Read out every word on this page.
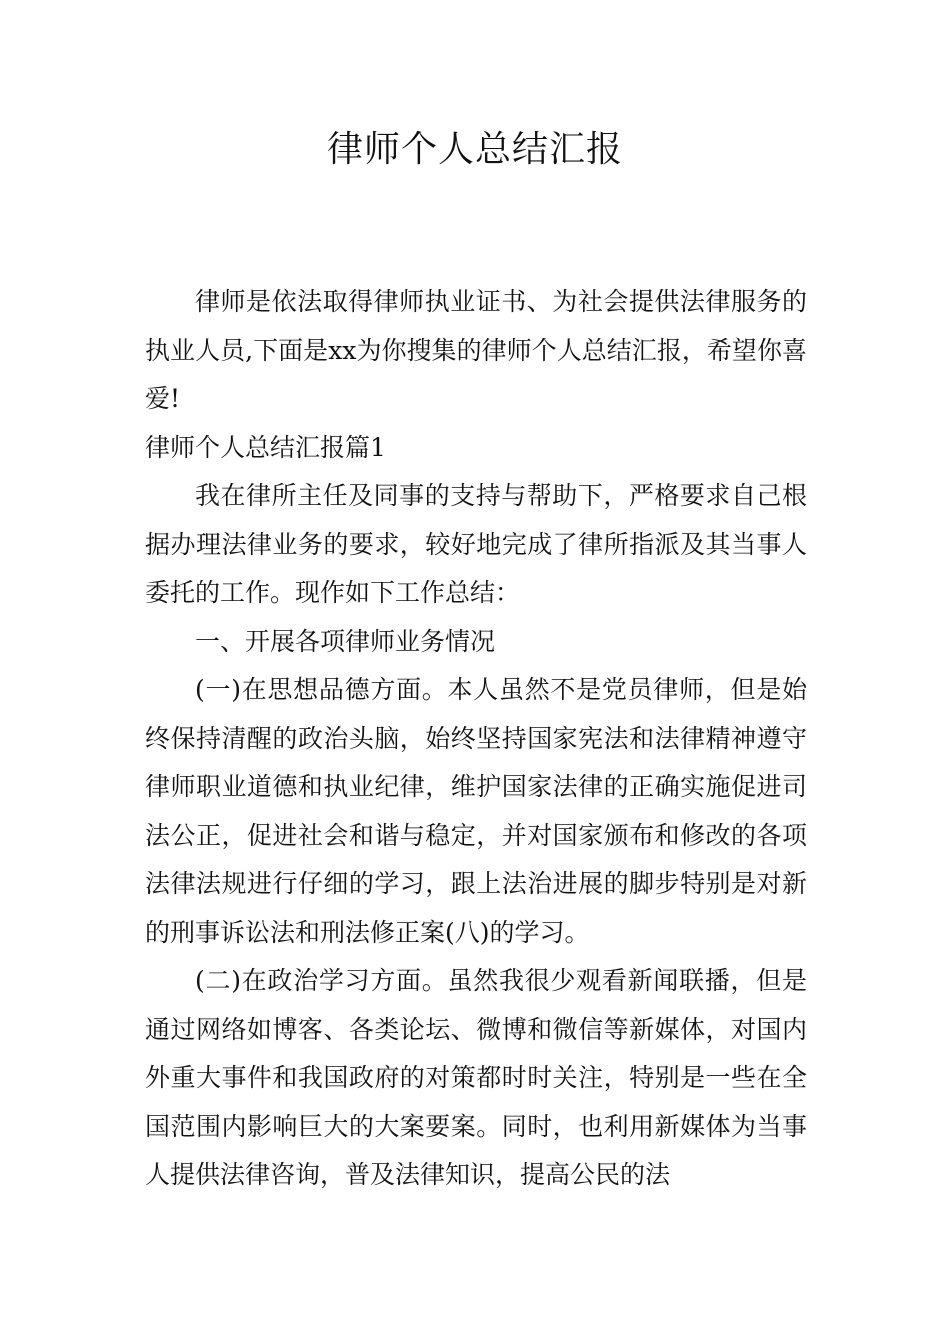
律师个人总结汇报

律师是依法取得律师执业证书、为社会提供法律服务的执业人员,下面是xx为你搜集的律师个人总结汇报，希望你喜爱!

律师个人总结汇报篇1

我在律所主任及同事的支持与帮助下，严格要求自己根据办理法律业务的要求，较好地完成了律所指派及其当事人委托的工作。现作如下工作总结：

一、开展各项律师业务情况

(一)在思想品德方面。本人虽然不是党员律师，但是始终保持清醒的政治头脑，始终坚持国家宪法和法律精神遵守律师职业道德和执业纪律，维护国家法律的正确实施促进司法公正，促进社会和谐与稳定，并对国家颁布和修改的各项法律法规进行仔细的学习，跟上法治进展的脚步特别是对新的刑事诉讼法和刑法修正案(八)的学习。

(二)在政治学习方面。虽然我很少观看新闻联播，但是通过网络如博客、各类论坛、微博和微信等新媒体，对国内外重大事件和我国政府的对策都时时关注，特别是一些在全国范围内影响巨大的大案要案。同时，也利用新媒体为当事人提供法律咨询，普及法律知识，提高公民的法
